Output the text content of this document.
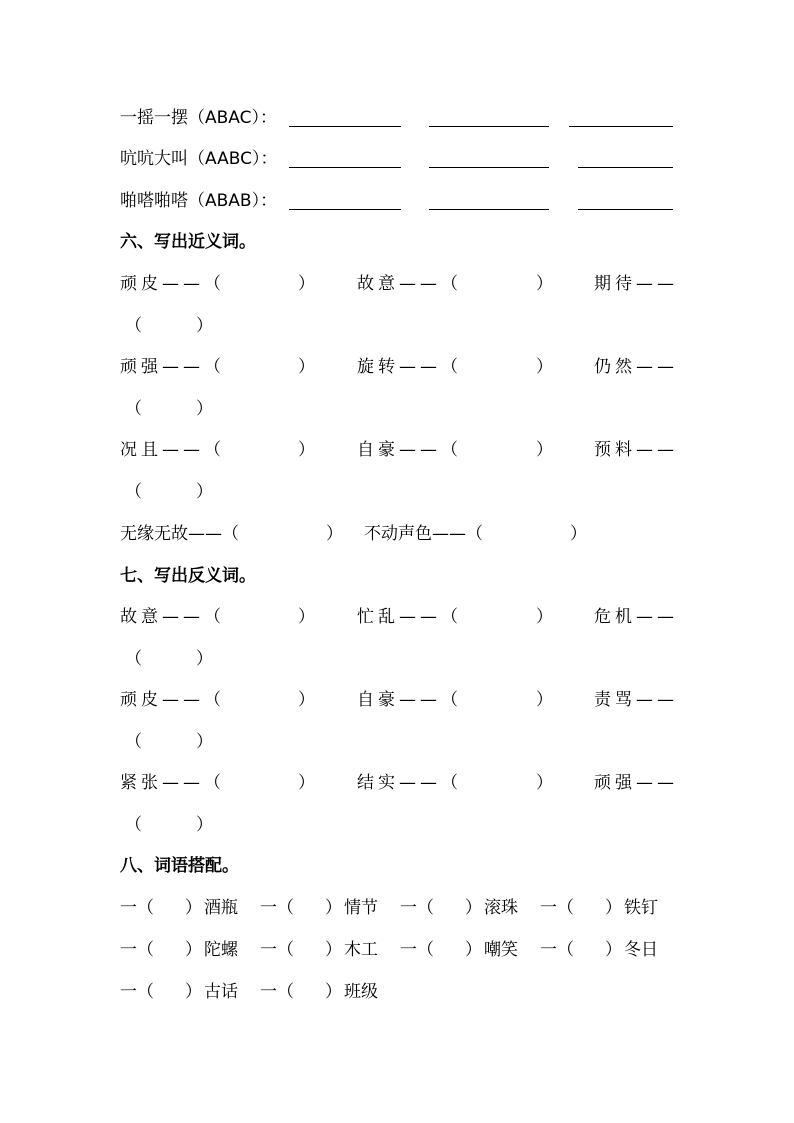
一摇一摆（ABAC）：
吭吭大叫（AABC）：
啪嗒啪嗒（ABAB）：
六、写出近义词。
顽皮——（	） 故意——（	） 期待——
（	）
顽强——（	） 旋转——（	） 仍然——
（	）
况且——（	） 自豪——（	） 预料——
（	）
无缘无故——（	） 不动声色——（	）
七、写出反义词。
故意——（	） 忙乱——（	） 危机——
（	）
顽皮——（	） 自豪——（	） 责骂——
（	）
紧张——（	） 结实——（	） 顽强——
（	）
八、词语搭配。
一（ ） 酒瓶 一（ ） 情节 一（ ） 滚珠 一（ ） 铁钉
一（ ） 陀螺 一（ ） 木工 一（ ） 嘲笑 一（ ） 冬日
一（ ） 古话 一（ ） 班级
